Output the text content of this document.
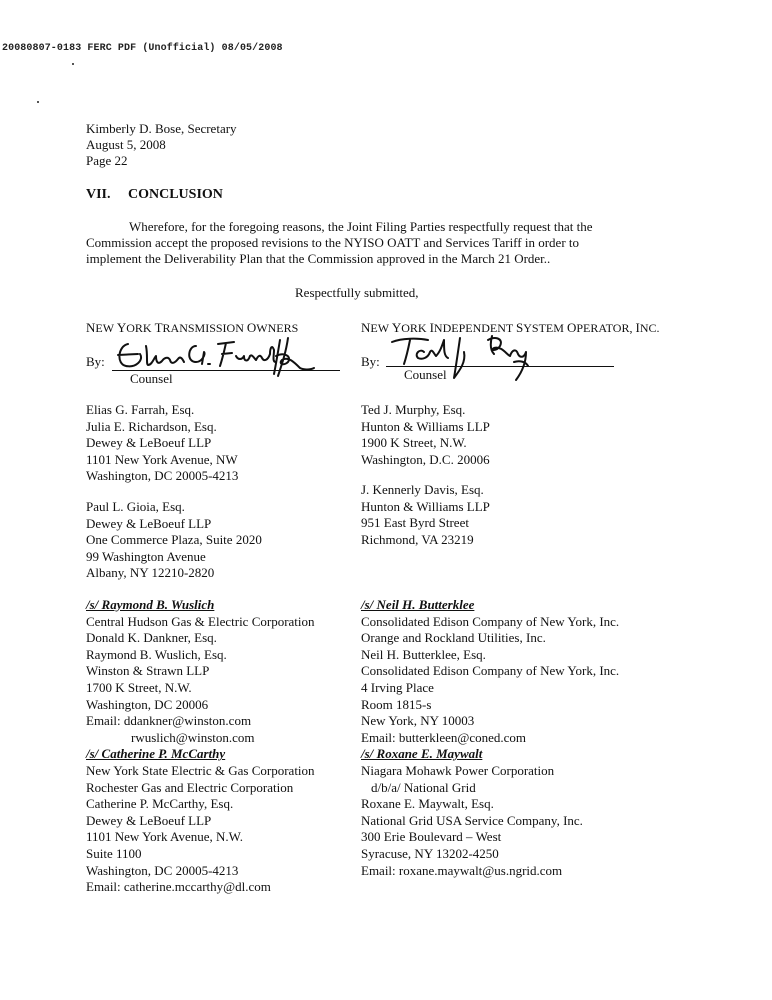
20080807-0183 FERC PDF (Unofficial) 08/05/2008
Kimberly D. Bose, Secretary
August 5, 2008
Page 22
VII. CONCLUSION
Wherefore, for the foregoing reasons, the Joint Filing Parties respectfully request that the
Commission accept the proposed revisions to the NYISO OATT and Services Tariff in order to
implement the Deliverability Plan that the Commission approved in the March 21 Order..
Respectfully submitted,
NEW YORK TRANSMISSION OWNERS
By:
Counsel
Elias G. Farrah, Esq.
Julia E. Richardson, Esq.
Dewey & LeBoeuf LLP
1101 New York Avenue, NW
Washington, DC 20005-4213
Paul L. Gioia, Esq.
Dewey & LeBoeuf LLP
One Commerce Plaza, Suite 2020
99 Washington Avenue
Albany, NY 12210-2820
/s/ Raymond B. Wuslich
Central Hudson Gas & Electric Corporation
Donald K. Dankner, Esq.
Raymond B. Wuslich, Esq.
Winston & Strawn LLP
1700 K Street, N.W.
Washington, DC 20006
Email: ddankner@winston.com
rwuslich@winston.com
/s/ Catherine P. McCarthy
New York State Electric & Gas Corporation
Rochester Gas and Electric Corporation
Catherine P. McCarthy, Esq.
Dewey & LeBoeuf LLP
1101 New York Avenue, N.W.
Suite 1100
Washington, DC 20005-4213
Email: catherine.mccarthy@dl.com
NEW YORK INDEPENDENT SYSTEM OPERATOR, INC.
By:
Counsel
Ted J. Murphy, Esq.
Hunton & Williams LLP
1900 K Street, N.W.
Washington, D.C. 20006
J. Kennerly Davis, Esq.
Hunton & Williams LLP
951 East Byrd Street
Richmond, VA 23219
/s/ Neil H. Butterklee
Consolidated Edison Company of New York, Inc.
Orange and Rockland Utilities, Inc.
Neil H. Butterklee, Esq.
Consolidated Edison Company of New York, Inc.
4 Irving Place
Room 1815-s
New York, NY 10003
Email: butterkleen@coned.com
/s/ Roxane E. Maywalt
Niagara Mohawk Power Corporation
d/b/a/ National Grid
Roxane E. Maywalt, Esq.
National Grid USA Service Company, Inc.
300 Erie Boulevard – West
Syracuse, NY 13202-4250
Email: roxane.maywalt@us.ngrid.com
